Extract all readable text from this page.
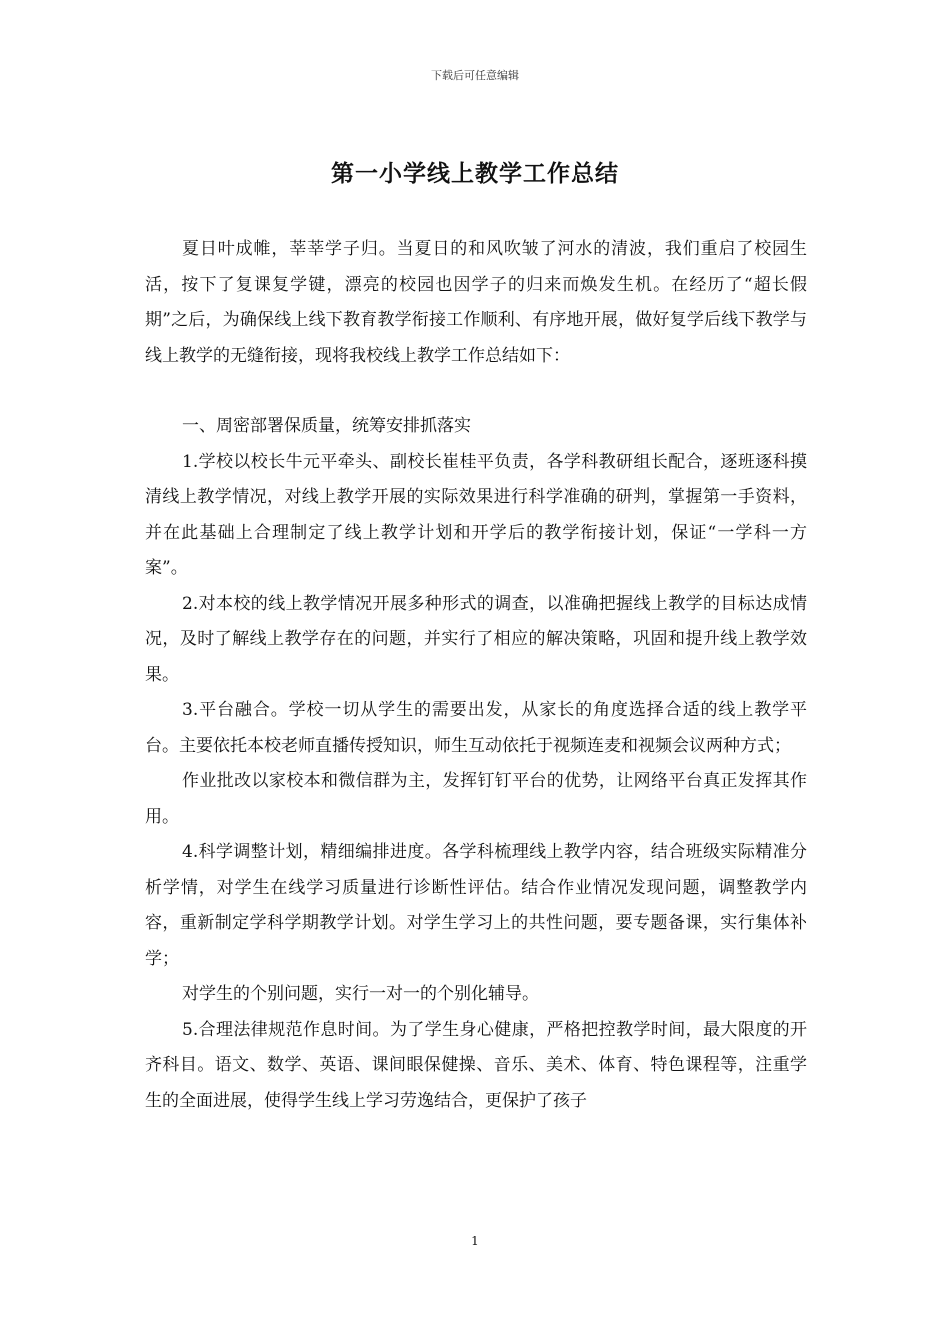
下载后可任意编辑
第一小学线上教学工作总结

夏日叶成帷，莘莘学子归。当夏日的和风吹皱了河水的清波，我们重启了校园生活，按下了复课复学键，漂亮的校园也因学子的归来而焕发生机。在经历了“超长假期”之后，为确保线上线下教育教学衔接工作顺利、有序地开展，做好复学后线下教学与线上教学的无缝衔接，现将我校线上教学工作总结如下：

一、周密部署保质量，统筹安排抓落实

1.学校以校长牛元平牵头、副校长崔桂平负责，各学科教研组长配合，逐班逐科摸清线上教学情况，对线上教学开展的实际效果进行科学准确的研判，掌握第一手资料，并在此基础上合理制定了线上教学计划和开学后的教学衔接计划，保证“一学科一方案”。

2.对本校的线上教学情况开展多种形式的调查，以准确把握线上教学的目标达成情况，及时了解线上教学存在的问题，并实行了相应的解决策略，巩固和提升线上教学效果。

3.平台融合。学校一切从学生的需要出发，从家长的角度选择合适的线上教学平台。主要依托本校老师直播传授知识，师生互动依托于视频连麦和视频会议两种方式；

作业批改以家校本和微信群为主，发挥钉钉平台的优势，让网络平台真正发挥其作用。

4.科学调整计划，精细编排进度。各学科梳理线上教学内容，结合班级实际精准分析学情，对学生在线学习质量进行诊断性评估。结合作业情况发现问题，调整教学内容，重新制定学科学期教学计划。对学生学习上的共性问题，要专题备课，实行集体补学；

对学生的个别问题，实行一对一的个别化辅导。

5.合理法律规范作息时间。为了学生身心健康，严格把控教学时间，最大限度的开齐科目。语文、数学、英语、课间眼保健操、音乐、美术、体育、特色课程等，注重学生的全面进展，使得学生线上学习劳逸结合，更保护了孩子

1
